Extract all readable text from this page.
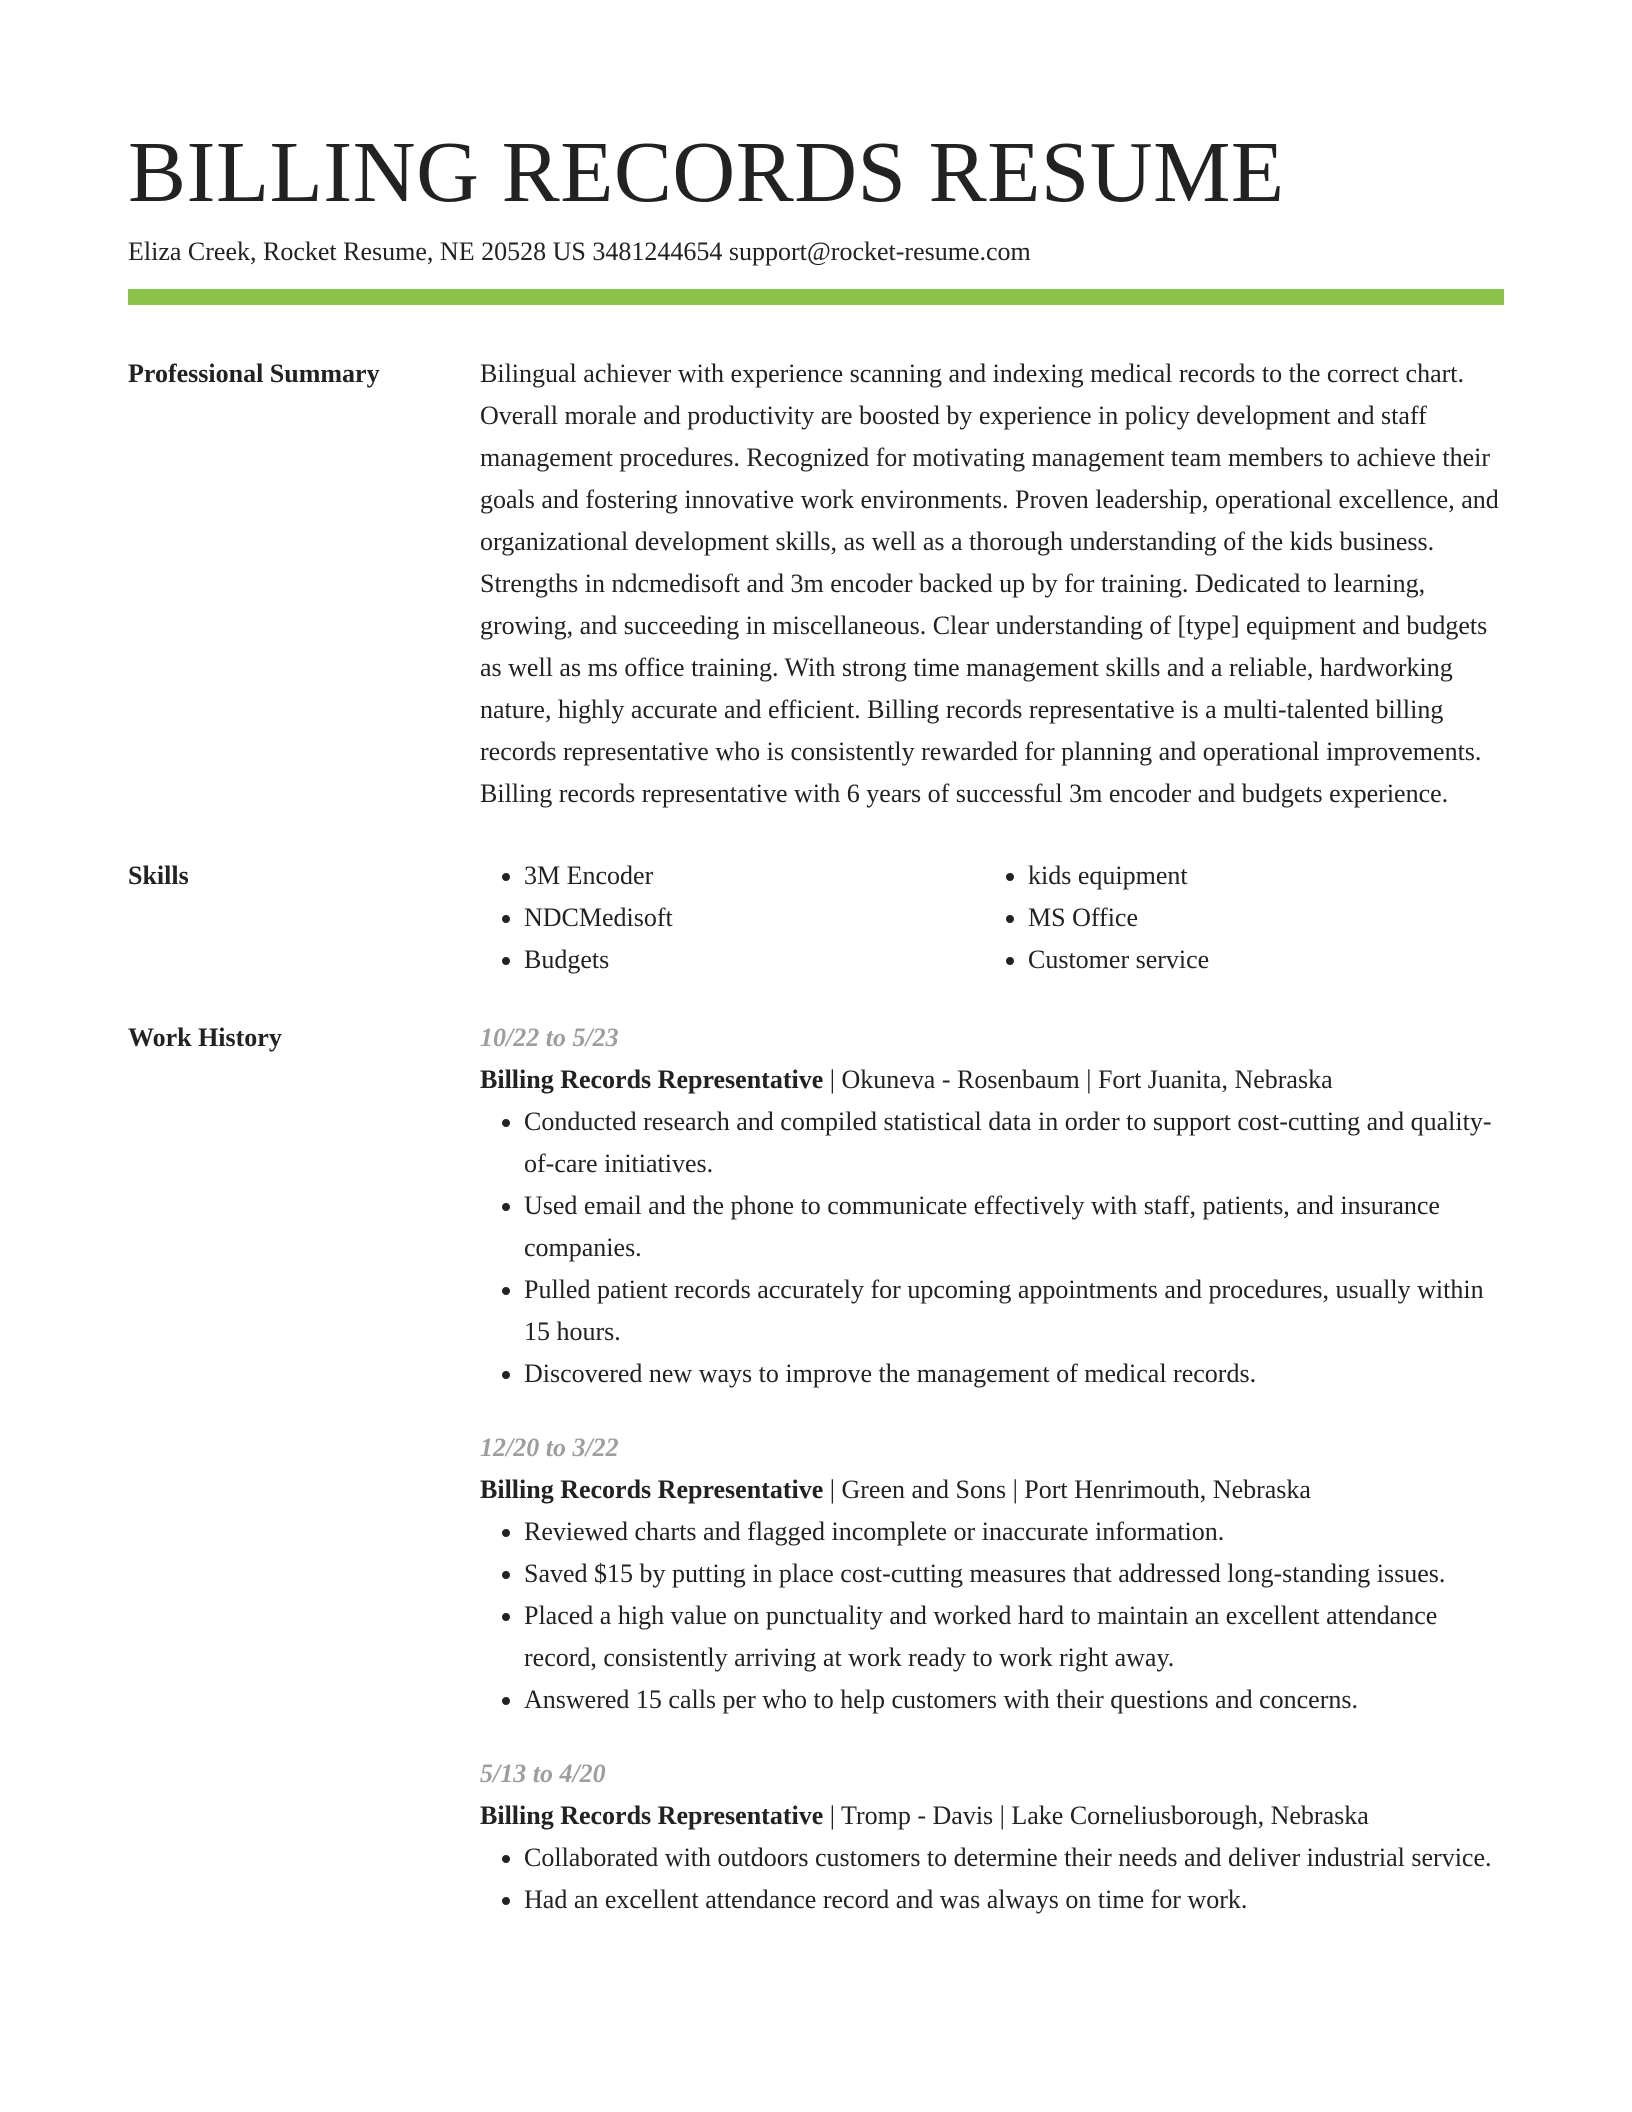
BILLING RECORDS RESUME
Eliza Creek, Rocket Resume, NE 20528 US 3481244654 support@rocket-resume.com
Professional Summary	Bilingual achiever with experience scanning and indexing medical records to the correct chart. Overall morale and productivity are boosted by experience in policy development and staff management procedures. Recognized for motivating management team members to achieve their goals and fostering innovative work environments. Proven leadership, operational excellence, and organizational development skills, as well as a thorough understanding of the kids business. Strengths in ndcmedisoft and 3m encoder backed up by for training. Dedicated to learning, growing, and succeeding in miscellaneous. Clear understanding of [type] equipment and budgets as well as ms office training. With strong time management skills and a reliable, hardworking nature, highly accurate and efficient. Billing records representative is a multi-talented billing records representative who is consistently rewarded for planning and operational improvements. Billing records representative with 6 years of successful 3m encoder and budgets experience.

Skills
•	3M Encoder
• NDCMedisoft
• Budgets
• kids equipment
• MS Office
• Customer service
Work History	10/22 to 5/23
Billing Records Representative | Okuneva - Rosenbaum | Fort Juanita, Nebraska
• Conducted research and compiled statistical data in order to support cost-cutting and quality-of-care initiatives.
• Used email and the phone to communicate effectively with staff, patients, and insurance companies.
• Pulled patient records accurately for upcoming appointments and procedures, usually within 15 hours.
• Discovered new ways to improve the management of medical records.
12/20 to 3/22
Billing Records Representative | Green and Sons | Port Henrimouth, Nebraska
• Reviewed charts and flagged incomplete or inaccurate information.
• Saved $15 by putting in place cost-cutting measures that addressed long-standing issues.
• Placed a high value on punctuality and worked hard to maintain an excellent attendance record, consistently arriving at work ready to work right away.
• Answered 15 calls per who to help customers with their questions and concerns.
5/13 to 4/20
Billing Records Representative | Tromp - Davis | Lake Corneliusborough, Nebraska
• Collaborated with outdoors customers to determine their needs and deliver industrial service.
• Had an excellent attendance record and was always on time for work.
